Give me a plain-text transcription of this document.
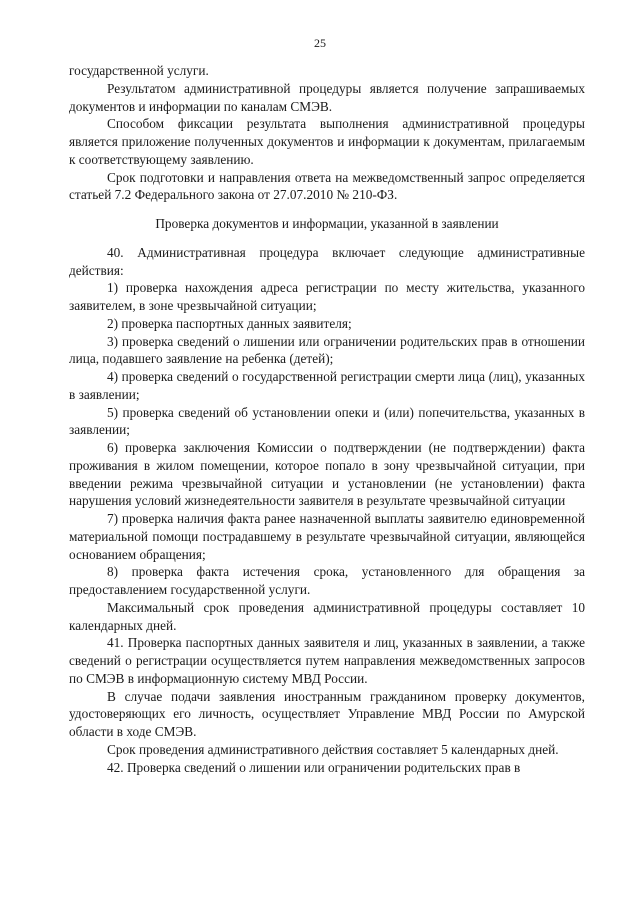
25

государственной услуги.

Результатом административной процедуры является получение запрашиваемых документов и информации по каналам СМЭВ.

Способом фиксации результата выполнения административной процедуры является приложение полученных документов и информации к документам, прилагаемым к соответствующему заявлению.

Срок подготовки и направления ответа на межведомственный запрос определяется статьей 7.2 Федерального закона от 27.07.2010 № 210-ФЗ.

Проверка документов и информации, указанной в заявлении

40. Административная процедура включает следующие административные действия:

1) проверка нахождения адреса регистрации по месту жительства, указанного заявителем, в зоне чрезвычайной ситуации;

2) проверка паспортных данных заявителя;

3) проверка сведений о лишении или ограничении родительских прав в отношении лица, подавшего заявление на ребенка (детей);

4) проверка сведений о государственной регистрации смерти лица (лиц), указанных в заявлении;

5) проверка сведений об установлении опеки и (или) попечительства, указанных в заявлении;

6) проверка заключения Комиссии о подтверждении (не подтверждении) факта проживания в жилом помещении, которое попало в зону чрезвычайной ситуации, при введении режима чрезвычайной ситуации и установлении (не установлении) факта нарушения условий жизнедеятельности заявителя в результате чрезвычайной ситуации

7) проверка наличия факта ранее назначенной выплаты заявителю единовременной материальной помощи пострадавшему в результате чрезвычайной ситуации, являющейся основанием обращения;

8) проверка факта истечения срока, установленного для обращения за предоставлением государственной услуги.

Максимальный срок проведения административной процедуры составляет 10 календарных дней.

41. Проверка паспортных данных заявителя и лиц, указанных в заявлении, а также сведений о регистрации осуществляется путем направления межведомственных запросов по СМЭВ в информационную систему МВД России.

В случае подачи заявления иностранным гражданином проверку документов, удостоверяющих его личность, осуществляет Управление МВД России по Амурской области в ходе СМЭВ.

Срок проведения административного действия составляет 5 календарных дней.

42. Проверка сведений о лишении или ограничении родительских прав в
